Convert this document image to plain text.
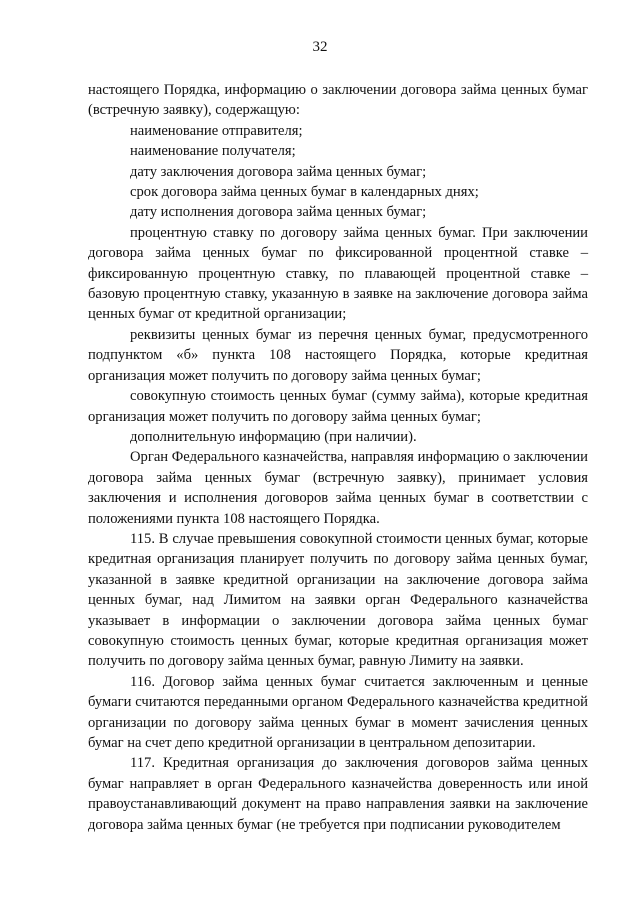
32

настоящего Порядка, информацию о заключении договора займа ценных бумаг (встречную заявку), содержащую:

наименование отправителя;

наименование получателя;

дату заключения договора займа ценных бумаг;

срок договора займа ценных бумаг в календарных днях;

дату исполнения договора займа ценных бумаг;

процентную ставку по договору займа ценных бумаг. При заключении договора займа ценных бумаг по фиксированной процентной ставке – фиксированную процентную ставку, по плавающей процентной ставке – базовую процентную ставку, указанную в заявке на заключение договора займа ценных бумаг от кредитной организации;

реквизиты ценных бумаг из перечня ценных бумаг, предусмотренного подпунктом «б» пункта 108 настоящего Порядка, которые кредитная организация может получить по договору займа ценных бумаг;

совокупную стоимость ценных бумаг (сумму займа), которые кредитная организация может получить по договору займа ценных бумаг;

дополнительную информацию (при наличии).

Орган Федерального казначейства, направляя информацию о заключении договора займа ценных бумаг (встречную заявку), принимает условия заключения и исполнения договоров займа ценных бумаг в соответствии с положениями пункта 108 настоящего Порядка.

115. В случае превышения совокупной стоимости ценных бумаг, которые кредитная организация планирует получить по договору займа ценных бумаг, указанной в заявке кредитной организации на заключение договора займа ценных бумаг, над Лимитом на заявки орган Федерального казначейства указывает в информации о заключении договора займа ценных бумаг совокупную стоимость ценных бумаг, которые кредитная организация может получить по договору займа ценных бумаг, равную Лимиту на заявки.

116. Договор займа ценных бумаг считается заключенным и ценные бумаги считаются переданными органом Федерального казначейства кредитной организации по договору займа ценных бумаг в момент зачисления ценных бумаг на счет депо кредитной организации в центральном депозитарии.

117. Кредитная организация до заключения договоров займа ценных бумаг направляет в орган Федерального казначейства доверенность или иной правоустанавливающий документ на право направления заявки на заключение договора займа ценных бумаг (не требуется при подписании руководителем
